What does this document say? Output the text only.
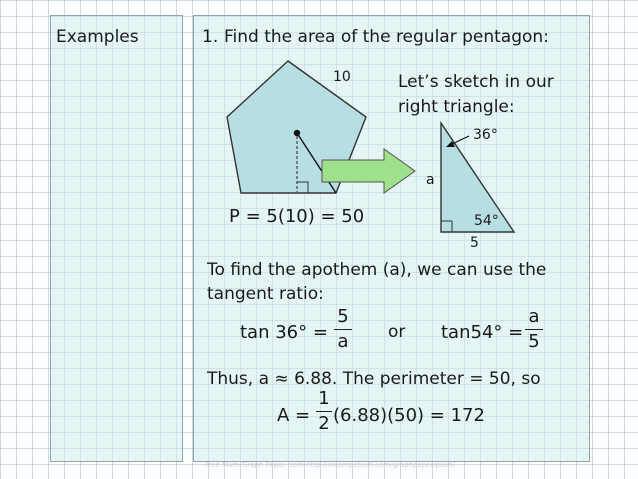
Examples	1. Find the area of the regular pentagon:
10	Let’s sketch in our
right triangle:
36°
a
54°
5
P = 5(10) = 50
To find the apothem (a), we can use the
tangent ratio:
tan 36° =
5
a or tan54° =
a
5
Thus, a ≈ 6.88. The perimeter = 50, so
A =
1
2 (6.88)(50) = 172
Free Math Graph Paper from http://incompetech.com/graphpaper/plain/
